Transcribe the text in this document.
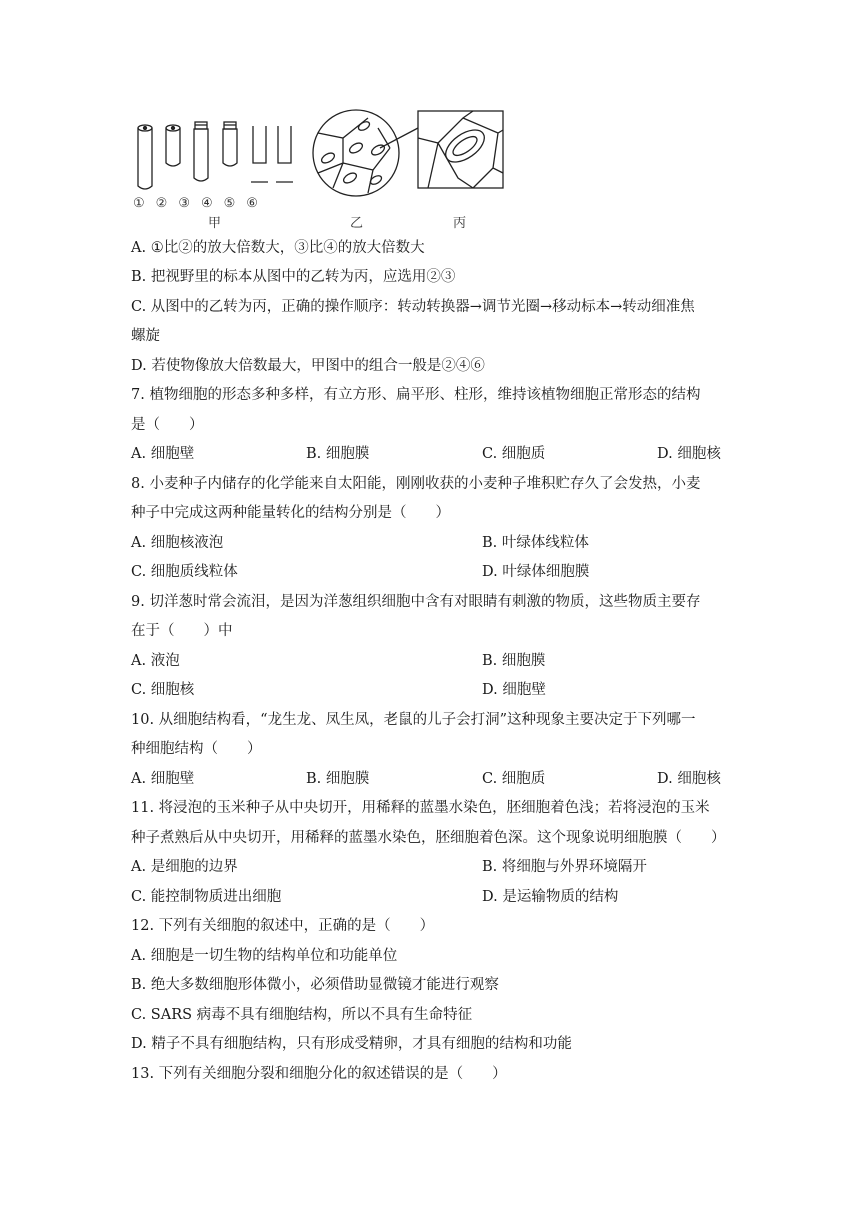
①②③④⑤⑥
甲	乙	丙
A. ①比②的放大倍数大，③比④的放大倍数大
B. 把视野里的标本从图中的乙转为丙，应选用②③
C. 从图中的乙转为丙，正确的操作顺序：转动转换器→调节光圈→移动标本→转动细准焦
螺旋
D. 若使物像放大倍数最大，甲图中的组合一般是②④⑥
7. 植物细胞的形态多种多样，有立方形、扁平形、柱形，维持该植物细胞正常形态的结构
是（　　）
A. 细胞壁	B. 细胞膜	C. 细胞质	D. 细胞核
8. 小麦种子内储存的化学能来自太阳能，刚刚收获的小麦种子堆积贮存久了会发热，小麦
种子中完成这两种能量转化的结构分别是（　　）
A. 细胞核液泡	B. 叶绿体线粒体
C. 细胞质线粒体	D. 叶绿体细胞膜
9. 切洋葱时常会流泪，是因为洋葱组织细胞中含有对眼睛有刺激的物质，这些物质主要存
在于（　　）中
A. 液泡	B. 细胞膜
C. 细胞核	D. 细胞壁
10. 从细胞结构看，“龙生龙、凤生凤，老鼠的儿子会打洞”这种现象主要决定于下列哪一
种细胞结构（　　）
A. 细胞壁	B. 细胞膜	C. 细胞质	D. 细胞核
11. 将浸泡的玉米种子从中央切开，用稀释的蓝墨水染色，胚细胞着色浅；若将浸泡的玉米
种子煮熟后从中央切开，用稀释的蓝墨水染色，胚细胞着色深。这个现象说明细胞膜（　　）
A. 是细胞的边界	B. 将细胞与外界环境隔开
C. 能控制物质进出细胞	D. 是运输物质的结构
12. 下列有关细胞的叙述中，正确的是（　　）
A. 细胞是一切生物的结构单位和功能单位
B. 绝大多数细胞形体微小，必须借助显微镜才能进行观察
C. SARS 病毒不具有细胞结构，所以不具有生命特征
D. 精子不具有细胞结构，只有形成受精卵，才具有细胞的结构和功能
13. 下列有关细胞分裂和细胞分化的叙述错误的是（　　）
